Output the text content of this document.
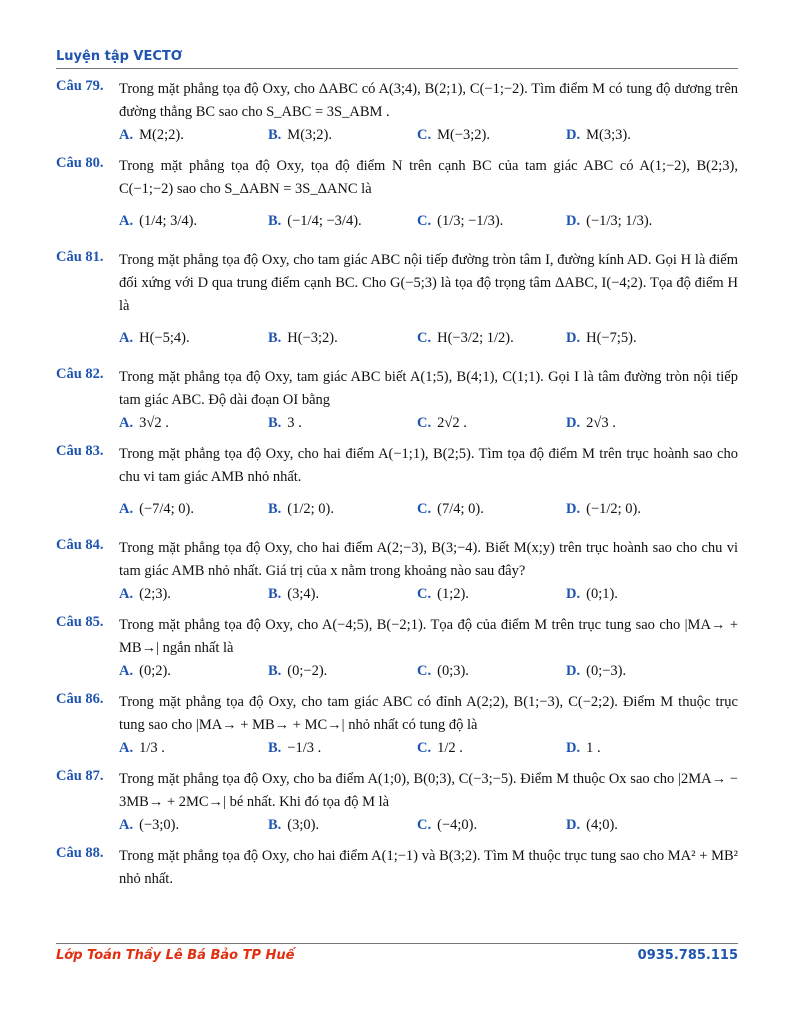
Luyện tập VECTƠ
Câu 79.	Trong mặt phẳng tọa độ Oxy, cho ΔABC có A(3;4), B(2;1), C(−1;−2). Tìm điểm M có tung độ dương trên đường thẳng BC sao cho S_ABC = 3S_ABM .
A. M(2;2).	B. M(3;2).	C. M(−3;2).	D. M(3;3).
Câu 80.	Trong mặt phẳng tọa độ Oxy, tọa độ điểm N trên cạnh BC của tam giác ABC có A(1;−2), B(2;3), C(−1;−2) sao cho S_ΔABN = 3S_ΔANC là
A. (1/4; 3/4).	B. (−1/4; −3/4).	C. (1/3; −1/3).	D. (−1/3; 1/3).
Câu 81.	Trong mặt phẳng tọa độ Oxy, cho tam giác ABC nội tiếp đường tròn tâm I, đường kính AD. Gọi H là điểm đối xứng với D qua trung điểm cạnh BC. Cho G(−5;3) là tọa độ trọng tâm ΔABC, I(−4;2). Tọa độ điểm H là
A. H(−5;4).	B. H(−3;2).	C. H(−3/2; 1/2).	D. H(−7;5).
Câu 82.	Trong mặt phẳng tọa độ Oxy, tam giác ABC biết A(1;5), B(4;1), C(1;1). Gọi I là tâm đường tròn nội tiếp tam giác ABC. Độ dài đoạn OI bằng
A. 3√2 .	B. 3 .	C. 2√2 .	D. 2√3 .
Câu 83.	Trong mặt phẳng tọa độ Oxy, cho hai điểm A(−1;1), B(2;5). Tìm tọa độ điểm M trên trục hoành sao cho chu vi tam giác AMB nhỏ nhất.
A. (−7/4; 0).	B. (1/2; 0).	C. (7/4; 0).	D. (−1/2; 0).
Câu 84.	Trong mặt phẳng tọa độ Oxy, cho hai điểm A(2;−3), B(3;−4). Biết M(x;y) trên trục hoành sao cho chu vi tam giác AMB nhỏ nhất. Giá trị của x nằm trong khoảng nào sau đây?
A. (2;3).	B. (3;4).	C. (1;2).	D. (0;1).
Câu 85.	Trong mặt phẳng tọa độ Oxy, cho A(−4;5), B(−2;1). Tọa độ của điểm M trên trục tung sao cho |MA→ + MB→| ngắn nhất là
A. (0;2).	B. (0;−2).	C. (0;3).	D. (0;−3).
Câu 86.	Trong mặt phẳng tọa độ Oxy, cho tam giác ABC có đỉnh A(2;2), B(1;−3), C(−2;2). Điểm M thuộc trục tung sao cho |MA→ + MB→ + MC→| nhỏ nhất có tung độ là
A. 1/3 .	B. −1/3 .	C. 1/2 .	D. 1 .
Câu 87.	Trong mặt phẳng tọa độ Oxy, cho ba điểm A(1;0), B(0;3), C(−3;−5). Điểm M thuộc Ox sao cho |2MA→ − 3MB→ + 2MC→| bé nhất. Khi đó tọa độ M là
A. (−3;0).	B. (3;0).	C. (−4;0).	D. (4;0).
Câu 88.	Trong mặt phẳng tọa độ Oxy, cho hai điểm A(1;−1) và B(3;2). Tìm M thuộc trục tung sao cho MA² + MB² nhỏ nhất.
Lớp Toán Thầy Lê Bá Bảo TP Huế	0935.785.115
